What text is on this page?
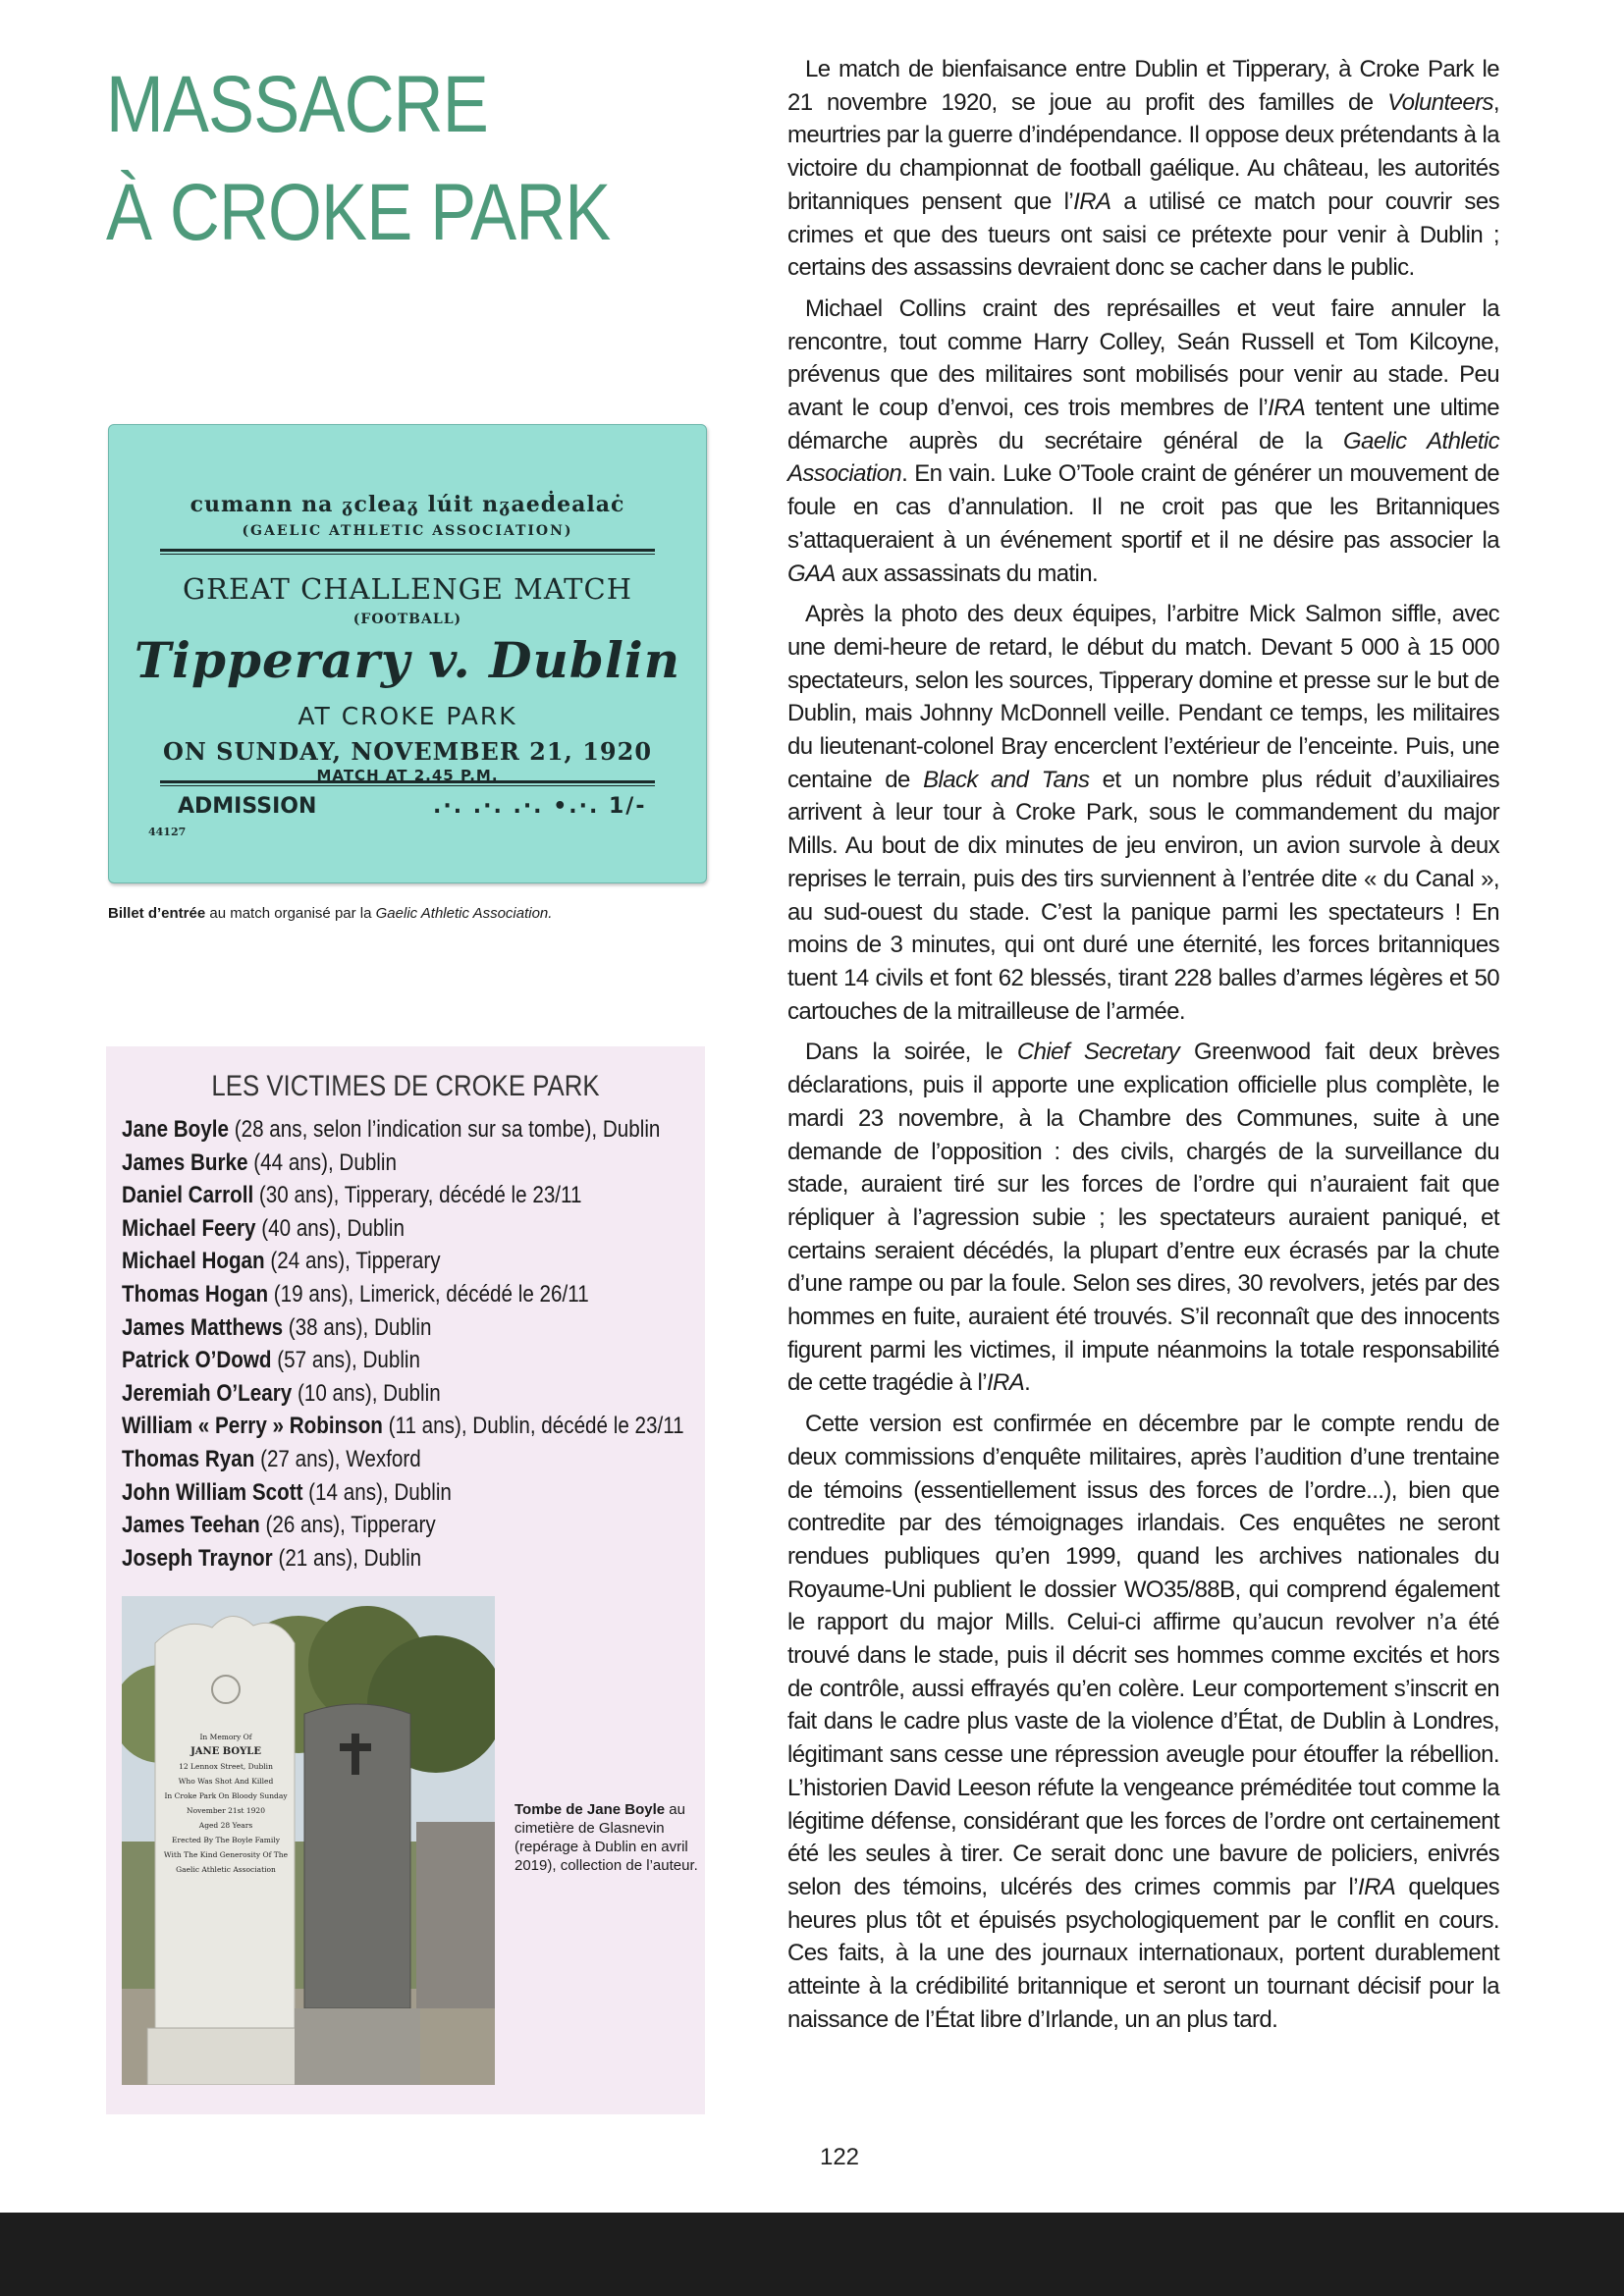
MASSACRE
À CROKE PARK
cumann na ᵹcleaᵹ lúit nᵹaeḋealaċ
(GAELIC ATHLETIC ASSOCIATION)
GREAT CHALLENGE MATCH
(FOOTBALL)
Tipperary v. Dublin
AT CROKE PARK
ON SUNDAY, NOVEMBER 21, 1920
MATCH AT 2.45 P.M.
ADMISSION	.·. .·. .·. •.·. 1/-
44127
Billet d’entrée au match organisé par la Gaelic Athletic Association.
LES VICTIMES DE CROKE PARK
Jane Boyle (28 ans, selon l’indication sur sa tombe), Dublin
James Burke (44 ans), Dublin
Daniel Carroll (30 ans), Tipperary, décédé le 23/11
Michael Feery (40 ans), Dublin
Michael Hogan (24 ans), Tipperary
Thomas Hogan (19 ans), Limerick, décédé le 26/11
James Matthews (38 ans), Dublin
Patrick O’Dowd (57 ans), Dublin
Jeremiah O’Leary (10 ans), Dublin
William « Perry » Robinson (11 ans), Dublin, décédé le 23/11
Thomas Ryan (27 ans), Wexford
John William Scott (14 ans), Dublin
James Teehan (26 ans), Tipperary
Joseph Traynor (21 ans), Dublin
In Memory Of
JANE BOYLE
12 Lennox Street, Dublin
Who Was Shot And Killed
In Croke Park On Bloody Sunday
November 21st 1920
Aged 28 Years
Erected By The Boyle Family
With The Kind Generosity Of The
Gaelic Athletic Association
Tombe de Jane Boyle au cimetière de Glasnevin (repérage à Dublin en avril 2019), collection de l’auteur.

Le match de bienfaisance entre Dublin et Tipperary, à Croke Park le 21 novembre 1920, se joue au profit des familles de Volunteers, meurtries par la guerre d’indépendance. Il oppose deux prétendants à la victoire du championnat de football gaélique. Au château, les autorités britanniques pensent que l’IRA a utilisé ce match pour couvrir ses crimes et que des tueurs ont saisi ce prétexte pour venir à Dublin ; certains des assassins devraient donc se cacher dans le public.

Michael Collins craint des représailles et veut faire annuler la rencontre, tout comme Harry Colley, Seán Russell et Tom Kilcoyne, prévenus que des militaires sont mobilisés pour venir au stade. Peu avant le coup d’envoi, ces trois membres de l’IRA tentent une ultime démarche auprès du secrétaire général de la Gaelic Athletic Association. En vain. Luke O’Toole craint de générer un mouvement de foule en cas d’annulation. Il ne croit pas que les Britanniques s’attaqueraient à un événement sportif et il ne désire pas associer la GAA aux assassinats du matin.

Après la photo des deux équipes, l’arbitre Mick Salmon siffle, avec une demi-heure de retard, le début du match. Devant 5 000 à 15 000 spectateurs, selon les sources, Tipperary domine et presse sur le but de Dublin, mais Johnny McDonnell veille. Pendant ce temps, les militaires du lieutenant-colonel Bray encerclent l’extérieur de l’enceinte. Puis, une centaine de Black and Tans et un nombre plus réduit d’auxiliaires arrivent à leur tour à Croke Park, sous le commandement du major Mills. Au bout de dix minutes de jeu environ, un avion survole à deux reprises le terrain, puis des tirs surviennent à l’entrée dite « du Canal », au sud-ouest du stade. C’est la panique parmi les spectateurs ! En moins de 3 minutes, qui ont duré une éternité, les forces britanniques tuent 14 civils et font 62 blessés, tirant 228 balles d’armes légères et 50 cartouches de la mitrailleuse de l’armée.

Dans la soirée, le Chief Secretary Greenwood fait deux brèves déclarations, puis il apporte une explication officielle plus complète, le mardi 23 novembre, à la Chambre des Communes, suite à une demande de l’opposition : des civils, chargés de la surveillance du stade, auraient tiré sur les forces de l’ordre qui n’auraient fait que répliquer à l’agression subie ; les spectateurs auraient paniqué, et certains seraient décédés, la plupart d’entre eux écrasés par la chute d’une rampe ou par la foule. Selon ses dires, 30 revolvers, jetés par des hommes en fuite, auraient été trouvés. S’il reconnaît que des innocents figurent parmi les victimes, il impute néanmoins la totale responsabilité de cette tragédie à l’IRA.

Cette version est confirmée en décembre par le compte rendu de deux commissions d’enquête militaires, après l’audition d’une trentaine de témoins (essentiellement issus des forces de l’ordre...), bien que contredite par des témoignages irlandais. Ces enquêtes ne seront rendues publiques qu’en 1999, quand les archives nationales du Royaume-Uni publient le dossier WO35/88B, qui comprend également le rapport du major Mills. Celui-ci affirme qu’aucun revolver n’a été trouvé dans le stade, puis il décrit ses hommes comme excités et hors de contrôle, aussi effrayés qu’en colère. Leur comportement s’inscrit en fait dans le cadre plus vaste de la violence d’État, de Dublin à Londres, légitimant sans cesse une répression aveugle pour étouffer la rébellion. L’historien David Leeson réfute la vengeance préméditée tout comme la légitime défense, considérant que les forces de l’ordre ont certainement été les seules à tirer. Ce serait donc une bavure de policiers, enivrés selon des témoins, ulcérés des crimes commis par l’IRA quelques heures plus tôt et épuisés psychologiquement par le conflit en cours. Ces faits, à la une des journaux internationaux, portent durablement atteinte à la crédibilité britannique et seront un tournant décisif pour la naissance de l’État libre d’Irlande, un an plus tard.

122
